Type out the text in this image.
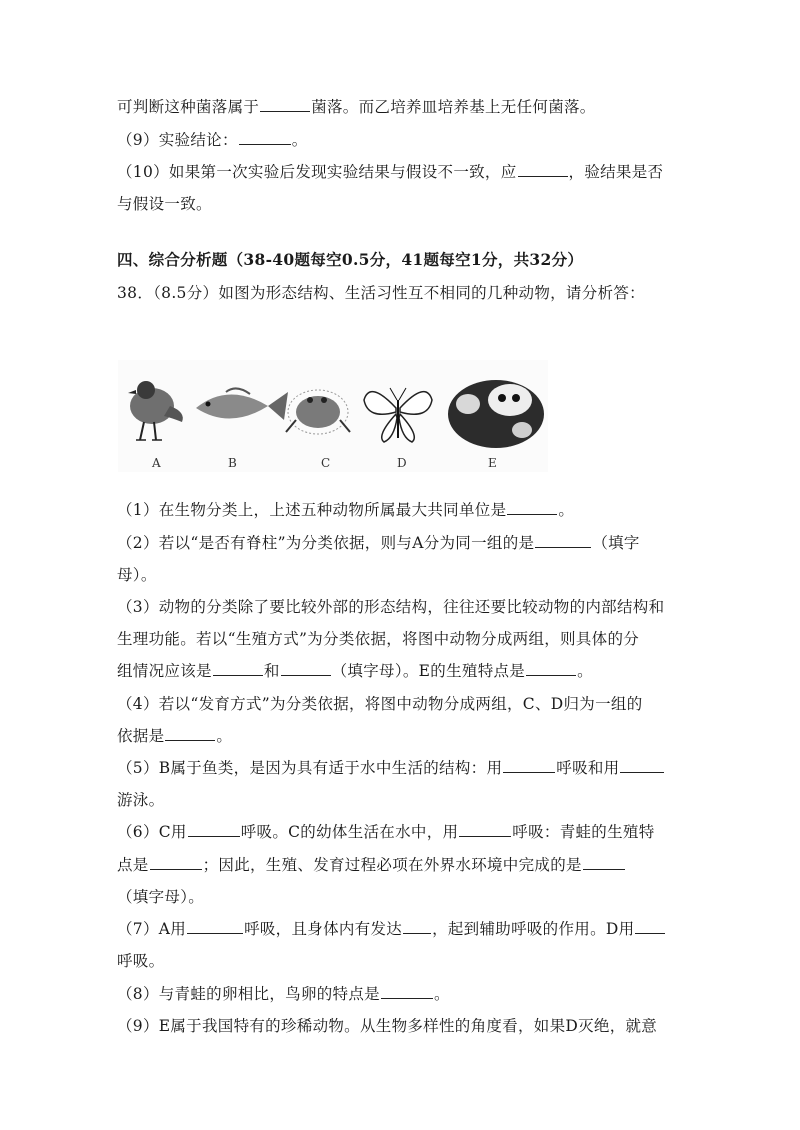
可判断这种菌落属于	菌落。而乙培养皿培养基上无任何菌落。
（9）实验结论：	。
（10）如果第一次实验后发现实验结果与假设不一致，应	，验结果是否
与假设一致。
四、综合分析题（38-40题每空0.5分，41题每空1分，共32分）
38．（8.5分）如图为形态结构、生活习性互不相同的几种动物，请分析答：
A	B	C	D	E
（1）在生物分类上，上述五种动物所属最大共同单位是	。
（2）若以“是否有脊柱”为分类依据，则与A分为同一组的是	（填字
母）。
（3）动物的分类除了要比较外部的形态结构，往往还要比较动物的内部结构和
生理功能。若以“生殖方式”为分类依据，将图中动物分成两组，则具体的分
组情况应该是	和	（填字母）。E的生殖特点是	。
（4）若以“发育方式”为分类依据，将图中动物分成两组，C、D归为一组的
依据是	。
（5）B属于鱼类，是因为具有适于水中生活的结构：用	呼吸和用
游泳。
（6）C用	呼吸。C的幼体生活在水中，用	呼吸：青蛙的生殖特
点是	；因此，生殖、发育过程必项在外界水环境中完成的是
（填字母）。
（7）A用	呼吸，且身体内有发达 ，起到辅助呼吸的作用。D用
呼吸。
（8）与青蛙的卵相比，鸟卵的特点是	。
（9）E属于我国特有的珍稀动物。从生物多样性的角度看，如果D灭绝，就意
